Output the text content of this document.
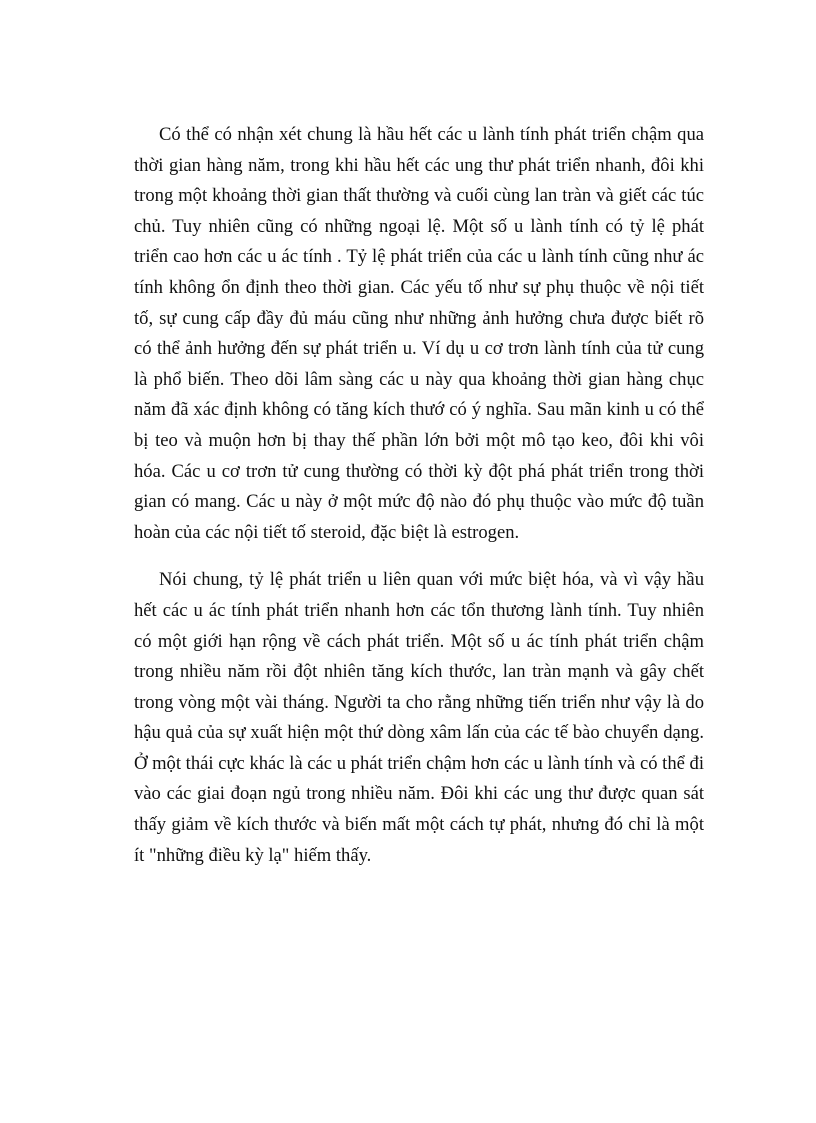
Có thể có nhận xét chung là hầu hết các u lành tính phát triển chậm qua thời gian hàng năm, trong khi hầu hết các ung thư phát triển nhanh, đôi khi trong một khoảng thời gian thất thường và cuối cùng lan tràn và giết các túc chủ. Tuy nhiên cũng có những ngoại lệ. Một số u lành tính có tỷ lệ phát triển cao hơn các u ác tính . Tỷ lệ phát triển của các u lành tính cũng như ác tính không ổn định theo thời gian. Các yếu tố như sự phụ thuộc về nội tiết tố, sự cung cấp đầy đủ máu cũng như những ảnh hưởng chưa được biết rõ có thể ảnh hưởng đến sự phát triển u. Ví dụ u cơ trơn lành tính của tử cung là phổ biến. Theo dõi lâm sàng các u này qua khoảng thời gian hàng chục năm đã xác định không có tăng kích thướ có ý nghĩa. Sau mãn kinh u có thể bị teo và muộn hơn bị thay thế phần lớn bởi một mô tạo keo, đôi khi vôi hóa. Các u cơ trơn tử cung thường có thời kỳ đột phá phát triển trong thời gian có mang. Các u này ở một mức độ nào đó phụ thuộc vào mức độ tuần hoàn của các nội tiết tố steroid, đặc biệt là estrogen.

Nói chung, tỷ lệ phát triển u liên quan với mức biệt hóa, và vì vậy hầu hết các u ác tính phát triển nhanh hơn các tổn thương lành tính. Tuy nhiên có một giới hạn rộng về cách phát triển. Một số u ác tính phát triển chậm trong nhiều năm rồi đột nhiên tăng kích thước, lan tràn mạnh và gây chết trong vòng một vài tháng. Người ta cho rằng những tiến triển như vậy là do hậu quả của sự xuất hiện một thứ dòng xâm lấn của các tế bào chuyển dạng. Ở một thái cực khác là các u phát triển chậm hơn các u lành tính và có thể đi vào các giai đoạn ngủ trong nhiều năm. Đôi khi các ung thư được quan sát thấy giảm về kích thước và biến mất một cách tự phát, nhưng đó chỉ là một ít "những điều kỳ lạ" hiếm thấy.
